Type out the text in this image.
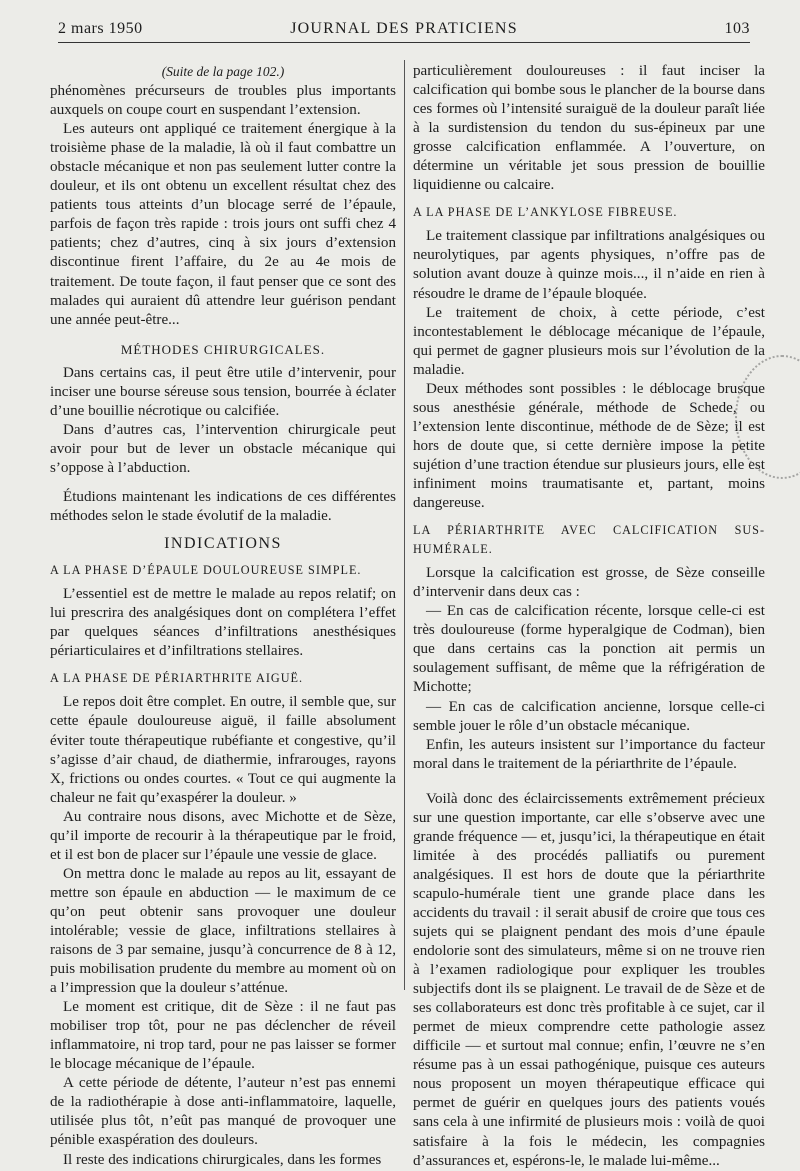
2 mars 1950	JOURNAL DES PRATICIENS	103
(Suite de la page 102.)

phénomènes précurseurs de troubles plus importants auxquels on coupe court en suspendant l’extension.

Les auteurs ont appliqué ce traitement énergique à la troisième phase de la maladie, là où il faut combattre un obstacle mécanique et non pas seulement lutter contre la douleur, et ils ont obtenu un excellent résultat chez des patients tous atteints d’un blocage serré de l’épaule, parfois de façon très rapide : trois jours ont suffi chez 4 patients; chez d’autres, cinq à six jours d’extension discontinue firent l’affaire, du 2e au 4e mois de traitement. De toute façon, il faut penser que ce sont des malades qui auraient dû attendre leur guérison pendant une année peut-être...

MÉTHODES CHIRURGICALES.

Dans certains cas, il peut être utile d’intervenir, pour inciser une bourse séreuse sous tension, bourrée à éclater d’une bouillie nécrotique ou calcifiée.

Dans d’autres cas, l’intervention chirurgicale peut avoir pour but de lever un obstacle mécanique qui s’oppose à l’abduction.

Étudions maintenant les indications de ces différentes méthodes selon le stade évolutif de la maladie.

INDICATIONS
A LA PHASE D’ÉPAULE DOULOUREUSE SIMPLE.

L’essentiel est de mettre le malade au repos relatif; on lui prescrira des analgésiques dont on complétera l’effet par quelques séances d’infiltrations anesthésiques périarticulaires et d’infiltrations stellaires.

A LA PHASE DE PÉRIARTHRITE AIGUË.

Le repos doit être complet. En outre, il semble que, sur cette épaule douloureuse aiguë, il faille absolument éviter toute thérapeutique rubéfiante et congestive, qu’il s’agisse d’air chaud, de diathermie, infrarouges, rayons X, frictions ou ondes courtes. « Tout ce qui augmente la chaleur ne fait qu’exaspérer la douleur. »

Au contraire nous disons, avec Michotte et de Sèze, qu’il importe de recourir à la thérapeutique par le froid, et il est bon de placer sur l’épaule une vessie de glace.

On mettra donc le malade au repos au lit, essayant de mettre son épaule en abduction — le maximum de ce qu’on peut obtenir sans provoquer une douleur intolérable; vessie de glace, infiltrations stellaires à raisons de 3 par semaine, jusqu’à concurrence de 8 à 12, puis mobilisation prudente du membre au moment où on a l’impression que la douleur s’atténue.

Le moment est critique, dit de Sèze : il ne faut pas mobiliser trop tôt, pour ne pas déclencher de réveil inflammatoire, ni trop tard, pour ne pas laisser se former le blocage mécanique de l’épaule.

A cette période de détente, l’auteur n’est pas ennemi de la radiothérapie à dose anti-inflammatoire, laquelle, utilisée plus tôt, n’eût pas manqué de provoquer une pénible exaspération des douleurs.

Il reste des indications chirurgicales, dans les formes

particulièrement douloureuses : il faut inciser la calcification qui bombe sous le plancher de la bourse dans ces formes où l’intensité suraiguë de la douleur paraît liée à la surdistension du tendon du sus-épineux par une grosse calcification enflammée. A l’ouverture, on détermine un véritable jet sous pression de bouillie liquidienne ou calcaire.

A LA PHASE DE L’ANKYLOSE FIBREUSE.

Le traitement classique par infiltrations analgésiques ou neurolytiques, par agents physiques, n’offre pas de solution avant douze à quinze mois..., il n’aide en rien à résoudre le drame de l’épaule bloquée.

Le traitement de choix, à cette période, c’est incontestablement le déblocage mécanique de l’épaule, qui permet de gagner plusieurs mois sur l’évolution de la maladie.

Deux méthodes sont possibles : le déblocage brusque sous anesthésie générale, méthode de Schede, ou l’extension lente discontinue, méthode de de Sèze; il est hors de doute que, si cette dernière impose la petite sujétion d’une traction étendue sur plusieurs jours, elle est infiniment moins traumatisante et, partant, moins dangereuse.

LA PÉRIARTHRITE AVEC CALCIFICATION SUS-HUMÉRALE.

Lorsque la calcification est grosse, de Sèze conseille d’intervenir dans deux cas :

— En cas de calcification récente, lorsque celle-ci est très douloureuse (forme hyperalgique de Codman), bien que dans certains cas la ponction ait permis un soulagement suffisant, de même que la réfrigération de Michotte;

— En cas de calcification ancienne, lorsque celle-ci semble jouer le rôle d’un obstacle mécanique.

Enfin, les auteurs insistent sur l’importance du facteur moral dans le traitement de la périarthrite de l’épaule.

Voilà donc des éclaircissements extrêmement précieux sur une question importante, car elle s’observe avec une grande fréquence — et, jusqu’ici, la thérapeutique en était limitée à des procédés palliatifs ou purement analgésiques. Il est hors de doute que la périarthrite scapulo-humérale tient une grande place dans les accidents du travail : il serait abusif de croire que tous ces sujets qui se plaignent pendant des mois d’une épaule endolorie sont des simulateurs, même si on ne trouve rien à l’examen radiologique pour expliquer les troubles subjectifs dont ils se plaignent. Le travail de de Sèze et de ses collaborateurs est donc très profitable à ce sujet, car il permet de mieux comprendre cette pathologie assez difficile — et surtout mal connue; enfin, l’œuvre ne s’en résume pas à un essai pathogénique, puisque ces auteurs nous proposent un moyen thérapeutique efficace qui permet de guérir en quelques jours des patients voués sans cela à une infirmité de plusieurs mois : voilà de quoi satisfaire à la fois le médecin, les compagnies d’assurances et, espérons-le, le malade lui-même...
